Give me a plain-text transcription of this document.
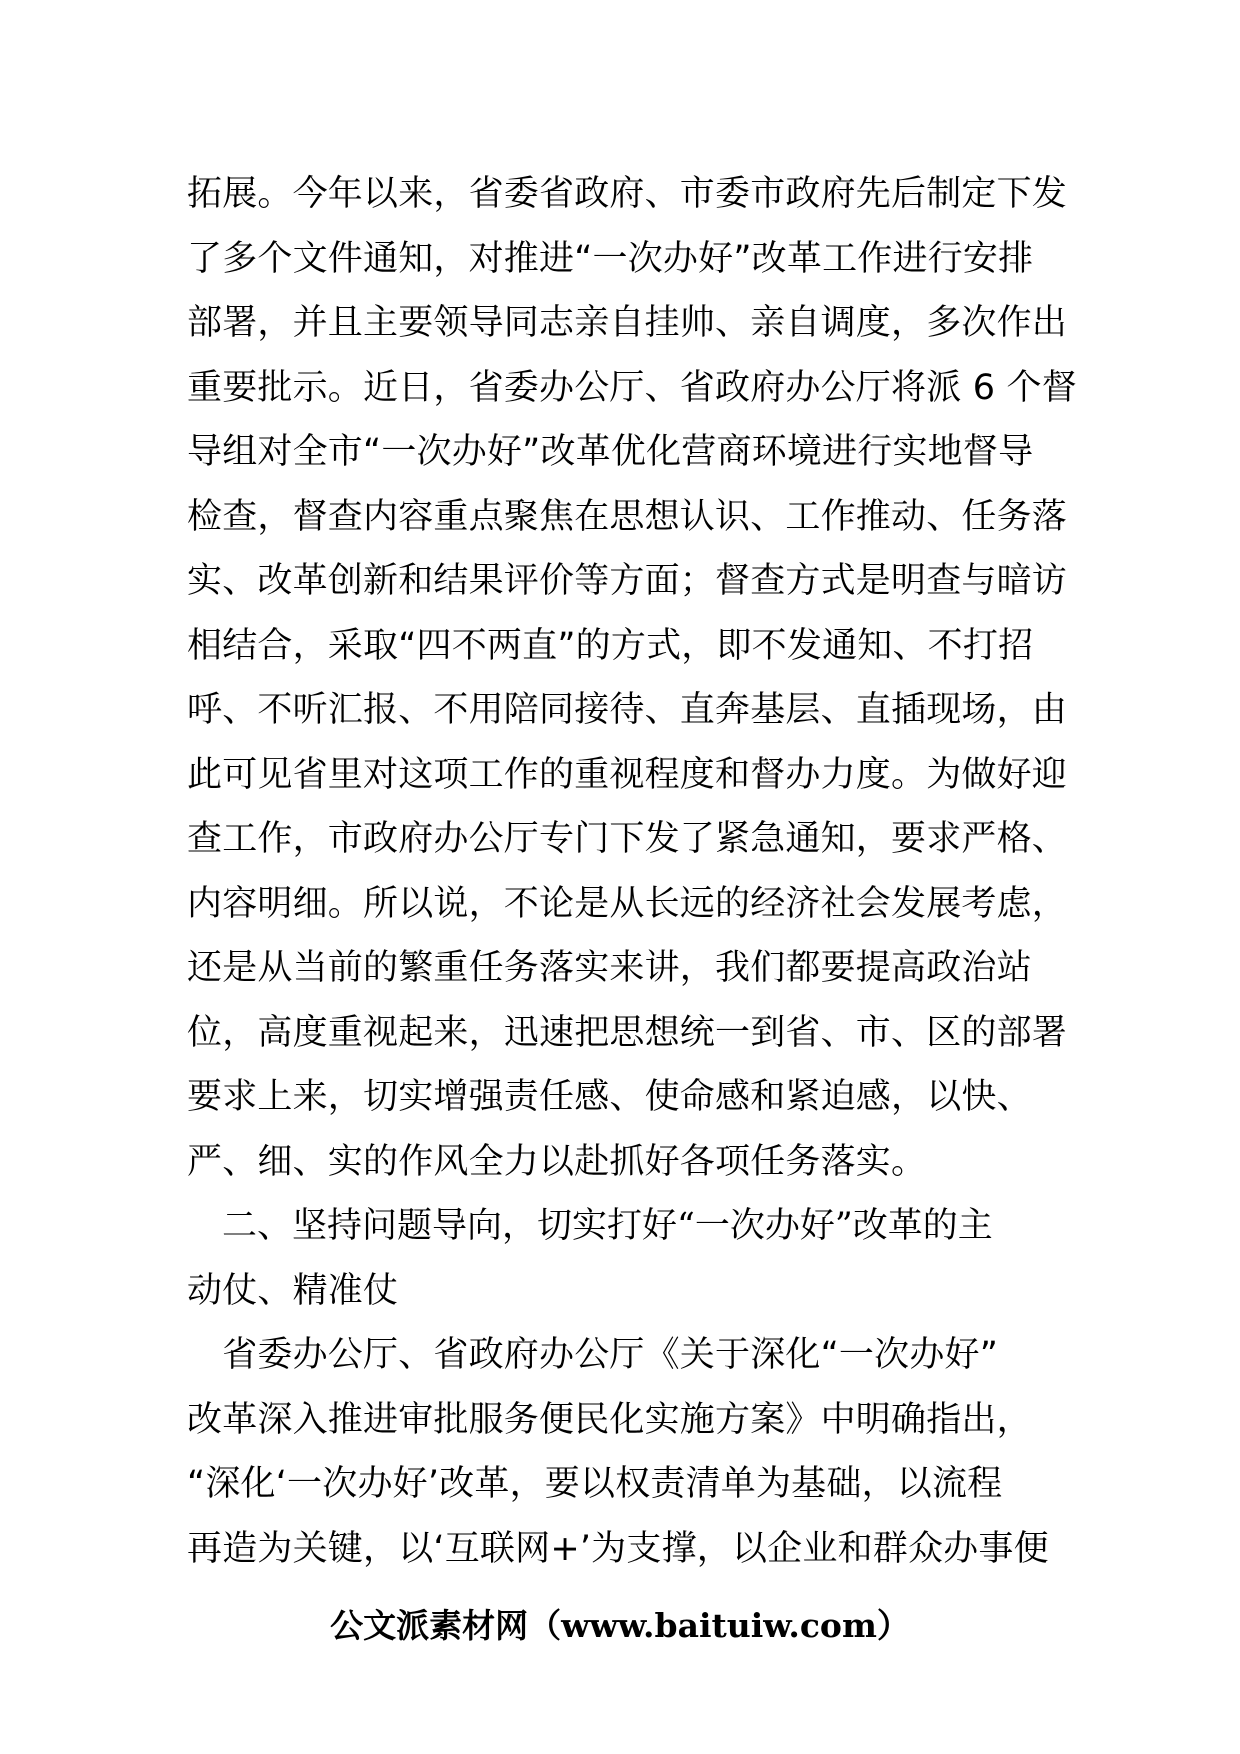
拓展。今年以来，省委省政府、市委市政府先后制定下发
了多个文件通知，对推进“一次办好”改革工作进行安排
部署，并且主要领导同志亲自挂帅、亲自调度，多次作出
重要批示。近日，省委办公厅、省政府办公厅将派 6 个督
导组对全市“一次办好”改革优化营商环境进行实地督导
检查，督查内容重点聚焦在思想认识、工作推动、任务落
实、改革创新和结果评价等方面；督查方式是明查与暗访
相结合，采取“四不两直”的方式，即不发通知、不打招
呼、不听汇报、不用陪同接待、直奔基层、直插现场，由
此可见省里对这项工作的重视程度和督办力度。为做好迎
查工作，市政府办公厅专门下发了紧急通知，要求严格、
内容明细。所以说，不论是从长远的经济社会发展考虑，
还是从当前的繁重任务落实来讲，我们都要提高政治站
位，高度重视起来，迅速把思想统一到省、市、区的部署
要求上来，切实增强责任感、使命感和紧迫感，以快、
严、细、实的作风全力以赴抓好各项任务落实。
　二、坚持问题导向，切实打好“一次办好”改革的主
动仗、精准仗
　省委办公厅、省政府办公厅《关于深化“一次办好”
改革深入推进审批服务便民化实施方案》中明确指出，
“深化‘一次办好’改革，要以权责清单为基础，以流程
再造为关键，以‘互联网+’为支撑，以企业和群众办事便
公文派素材网（www.baituiw.com）
